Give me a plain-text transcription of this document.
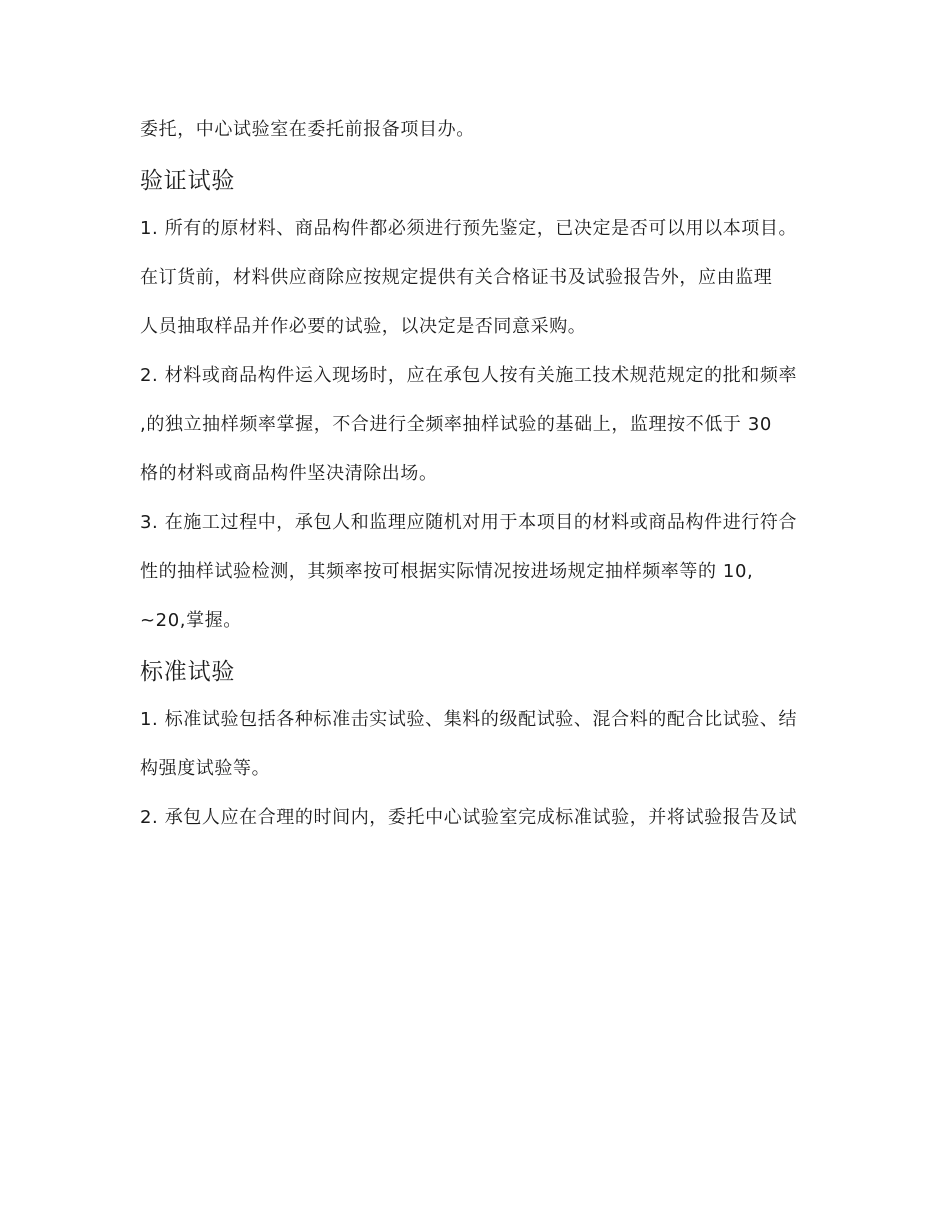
委托，中心试验室在委托前报备项目办。

验证试验

1. 所有的原材料、商品构件都必须进行预先鉴定，已决定是否可以用以本项目。

在订货前，材料供应商除应按规定提供有关合格证书及试验报告外，应由监理

人员抽取样品并作必要的试验，以决定是否同意采购。

2. 材料或商品构件运入现场时，应在承包人按有关施工技术规范规定的批和频率

,的独立抽样频率掌握，不合进行全频率抽样试验的基础上，监理按不低于 30

格的材料或商品构件坚决清除出场。

3. 在施工过程中，承包人和监理应随机对用于本项目的材料或商品构件进行符合

性的抽样试验检测，其频率按可根据实际情况按进场规定抽样频率等的 10,

~20,掌握。

标准试验

1. 标准试验包括各种标准击实试验、集料的级配试验、混合料的配合比试验、结

构强度试验等。

2. 承包人应在合理的时间内，委托中心试验室完成标准试验，并将试验报告及试
